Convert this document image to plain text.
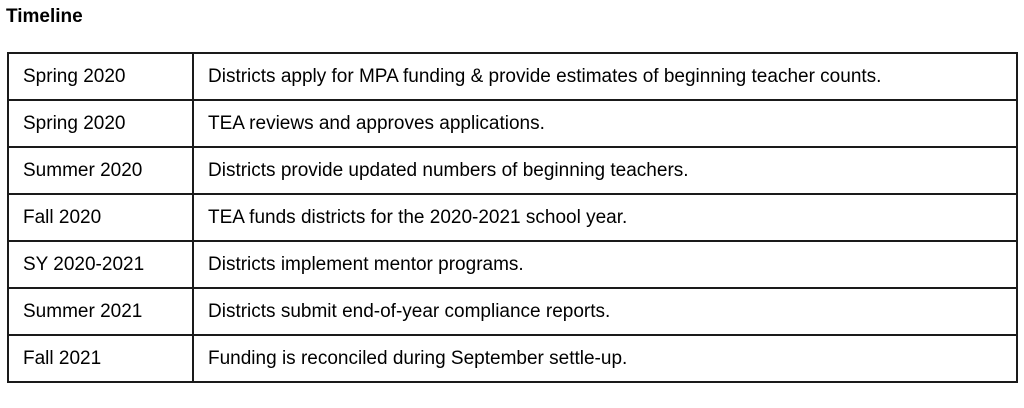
Timeline
Spring 2020	Districts apply for MPA funding & provide estimates of beginning teacher counts.
Spring 2020	TEA reviews and approves applications.
Summer 2020	Districts provide updated numbers of beginning teachers.
Fall 2020	TEA funds districts for the 2020-2021 school year.
SY 2020-2021	Districts implement mentor programs.
Summer 2021	Districts submit end-of-year compliance reports.
Fall 2021	Funding is reconciled during September settle-up.
